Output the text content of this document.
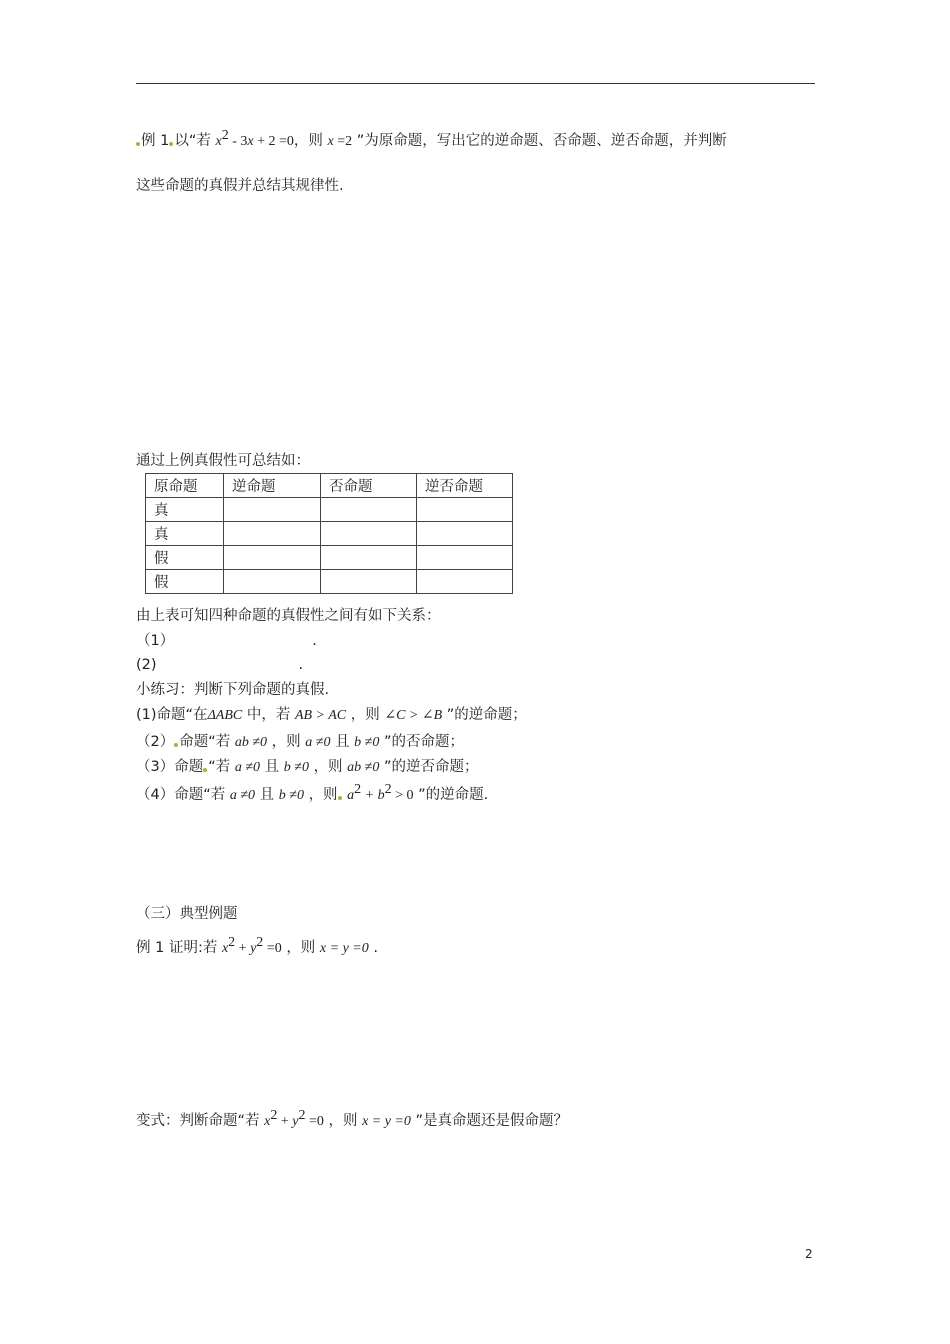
例 1 以“若 $x^2 - 3x + 2 =0$，则 x =2 ”为原命题，写出它的逆命题、否命题、逆否命题，并判断
这些命题的真假并总结其规律性.
通过上例真假性可总结如：
原命题	逆命题	否命题	逆否命题
真			
真			
假			
假			
由上表可知四种命题的真假性之间有如下关系：
（1）	.
(2)	.
小练习：判断下列命题的真假.
(1)命题“在ΔABC 中，若 AB > AC ，则 ∠C > ∠B ”的逆命题；
（2） 命题“若 ab ≠0 ，则 a ≠0 且 b ≠0 ”的否命题；
（3）命题 “若 a ≠0 且 b ≠0 ，则 ab ≠0 ”的逆否命题；
（4）命题“若 a ≠0 且 b ≠0 ，则 $a^2 + b^2 > 0$ ”的逆命题.
（三）典型例题
例 1 证明:若 $x^2 + y^2 =0$ ，则 x = y =0 .
变式：判断命题“若 $x^2 + y^2 =0$ ，则 x = y =0 ”是真命题还是假命题？
2
